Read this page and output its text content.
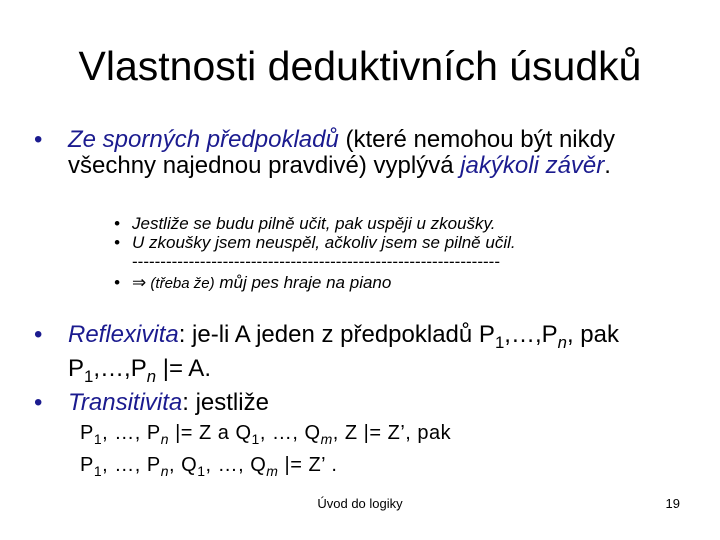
Vlastnosti deduktivních úsudků
•	Ze sporných předpokladů (které nemohou být nikdy všechny najednou pravdivé) vyplývá jakýkoli závěr.
• Jestliže se budu pilně učit, pak uspěji u zkoušky.
• U zkoušky jsem neuspěl, ačkoliv jsem se pilně učil.
-----------------------------------------------------------------
• ⇒ (třeba že) můj pes hraje na piano
• Reflexivita: je-li A jeden z předpokladů $P_1,\dots,P_n$, pak $P_1,\dots,P_n$ |= A.
• Transitivita: jestliže
$P_1$, …, $P_n$ |= Z a $Q_1$, …, $Q_m$, Z |= Z’, pak
$P_1$, …, $P_n$, $Q_1$, …, $Q_m$ |= Z’ .
Úvod do logiky	19
